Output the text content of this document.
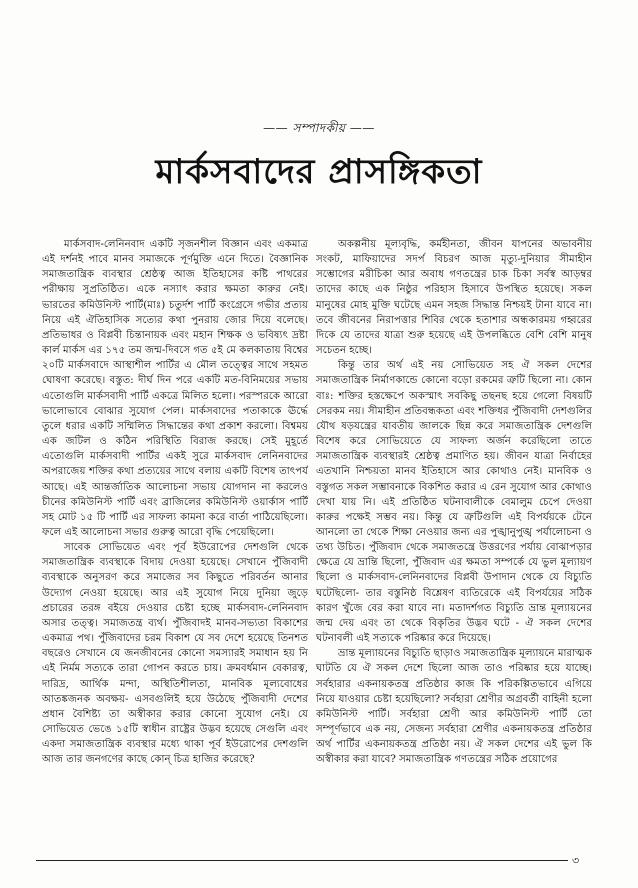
—— সম্পাদকীয় ——
মার্কসবাদের প্রাসঙ্গিকতা

মার্কসবাদ-লেনিনবাদ একটি সৃজনশীল বিজ্ঞান এবং একমাত্র এই দর্শনই পাবে মানব সমাজকে পূর্ণমুক্তি এনে দিতে। বৈজ্ঞানিক সমাজতান্ত্রিক ব্যবস্থার শ্রেষ্ঠত্ব আজ ইতিহাসের কষ্টি পাথরের পরীক্ষায় সুপ্রতিষ্ঠিত। একে নস্যাৎ করার ক্ষমতা কারুর নেই। ভারতের কমিউনিস্ট পার্টি(মাঃ) চতুর্দশ পার্টি কংগ্রেসে গভীর প্রত্যয় নিয়ে এই ঐতিহাসিক সত্যের কথা পুনরায় জোর দিয়ে বলেছে। প্রতিভাধর ও বিপ্লবী চিন্তানায়ক এবং মহান শিক্ষক ও ভবিষ্যৎ দ্রষ্টা কার্ল মার্কস এর ১৭৫ তম জন্ম-দিবসে গত ৫ই মে কলকাতায় বিশ্বের ২০টি মার্কসবাদে আস্থাশীল পার্টির এ মৌল তত্ত্বের সাথে সহমত ঘোষণা করেছে। বস্তুত: দীর্ঘ দিন পরে একটি মত-বিনিময়ের সভায় এতোগুলি মার্কসবাদী পার্টি একত্রে মিলিত হলো। পরস্পরকে আরো ভালোভাবে বোঝার সুযোগ পেল। মার্কসবাদের পতাকাকে ঊর্দ্ধে তুলে ধরার একটি সম্মিলিত সিদ্ধান্তের কথা প্রকাশ করলো। বিশ্বময় এক জটিল ও কঠিন পরিস্থিতি বিরাজ করছে। সেই মুহূর্তে এতোগুলি মার্কসবাদী পার্টির একই সুরে মার্কসবাদ লেনিনবাদের অপরাজেয় শক্তির কথা প্রত্যয়ের সাথে বলায় একটি বিশেষ তাৎপর্য আছে। এই আন্তর্জাতিক আলোচনা সভায় যোগদান না করলেও চীনের কমিউনিস্ট পার্টি এবং ব্রাজিলের কমিউনিস্ট ওয়ার্কাস পার্টি সহ মোট ১৫ টি পার্টি এর সাফল্য কামনা করে বার্তা পাঠিয়েছিলো। ফলে এই আলোচনা সভার গুরুত্ব আরো বৃদ্ধি পেয়েছিলো।

সাবেক সোভিয়েত এবং পূর্ব ইউরোপের দেশগুলি থেকে সমাজতান্ত্রিক ব্যবস্থাকে বিদায় দেওয়া হয়েছে। সেখানে পুঁজিবাদী ব্যবস্থাকে অনুসরণ করে সমাজের সব কিছুতে পরিবর্তন আনার উদ্যোগ নেওয়া হয়েছে। আর এই সুযোগ নিয়ে দুনিয়া জুড়ে প্রচারের তরঙ্গ বইয়ে দেওয়ার চেষ্টা হচ্ছে মার্কসবাদ-লেনিনবাদ অসার তত্ত্ব। সমাজতন্ত্র ব্যর্থ। পুঁজিবাদই মানব-সভ্যতা বিকাশের একমাত্র পথ। পুঁজিবাদের চরম বিকাশ যে সব দেশে হয়েছে তিনশত বছরেও সেখানে যে জনজীবনের কোনো সমস্যারই সমাধান হয় নি এই নির্মম সত্যকে তারা গোপন করতে চায়। ক্রমবর্ধমান বেকারত্ব, দারিদ্র, আর্থিক মন্দা, অস্থিতিশীলতা, মানবিক মূল্যবোধের আতঙ্কজনক অবক্ষয়- এসবগুলিই হয়ে উঠেছে পুঁজিবাদী দেশের প্রধান বৈশিষ্ট্য তা অস্বীকার করার কোনো সুযোগ নেই। যে সোভিয়েত ভেঙে ১৫টি স্বাধীন রাষ্ট্রের উদ্ভব হয়েছে সেগুলি এবং একদা সমাজতান্ত্রিক ব্যবস্থার মধ্যে থাকা পূর্ব ইউরোপের দেশগুলি আজ তার জনগণের কাছে কোন্ চিত্র হাজির করেছে?

অকল্পনীয় মূল্যবৃদ্ধি, কর্মহীনতা, জীবন যাপনের অভাবনীয় সংকট, মাফিয়াদের সদর্প বিচরণ আজ মৃত্যু-দুনিয়ার সীমাহীন সম্ভোগের মরীচিকা আর অবাধ গণতন্ত্রের চাক চিকা সর্বস্ব আড়ম্বর তাদের কাছে এক নিষ্ঠুর পরিহাস হিসাবে উপস্থিত হয়েছে। সকল মানুষের মোহ মুক্তি ঘটেছে এমন সহজ সিদ্ধান্ত নিশ্চয়ই টানা যাবে না। তবে জীবনের নিরাপত্তার শিবির থেকে হতাশার অন্ধকারময় গহ্বরের দিকে যে তাদের যাত্রা শুরু হয়েছে এই উপলব্ধিতে বেশি বেশি মানুষ সচেতন হচ্ছে।

কিন্তু তার অর্থ এই নয় সোভিয়েত সহ ঐ সকল দেশের সমাজতান্ত্রিক নির্মাণকান্ডে কোনো বড়ো রকমের ত্রুটি ছিলো না। কোন বাঃ: শক্তির হস্তক্ষেপে অকস্মাৎ সবকিছু তছনছ হয়ে গেলো বিষয়টি সেরকম নয়। সীমাহীন প্রতিবন্ধকতা এবং শক্তিধর পুঁজিবাদী দেশগুলির যৌথ ষড়যন্ত্রের যাবতীয় জালকে ছিন্ন করে সমাজতান্ত্রিক দেশগুলি বিশেষ করে সোভিয়েতে যে সাফল্য অর্জন করেছিলো তাতে সমাজতান্ত্রিক ব্যবস্থারই শ্রেষ্ঠত্ব প্রমাণিত হয়। জীবন যাত্রা নির্বাহের এতখানি নিশ্চয়তা মানব ইতিহাসে আর কোথাও নেই। মানবিক ও বস্তুগত সকল সম্ভাবনাকে বিকশিত করার এ রেন সুযোগ আর কোথাও দেখা যায় নি। এই প্রতিষ্ঠিত ঘটনাবালীকে বেমালুম চেপে দেওয়া কারুর পক্ষেই সম্ভব নয়। কিন্তু যে ত্রুটিগুলি এই বিপর্যয়কে টেনে আনলো তা থেকে শিক্ষা নেওয়ার জন্য এর পুঙ্খানুপুঙ্খ পর্যালোচনা ও তথ্য উচিত। পুঁজিবাদ থেকে সমাজতন্ত্রে উত্তরণের পর্যায় বোঝাপড়ার ক্ষেত্রে যে ভ্রান্তি ছিলো, পুঁজিবাদ এর ক্ষমতা সম্পর্কে যে ভুল মূল্যায়ণ ছিলো ও মার্কসবাদ-লেনিনবাদের বিপ্লবী উপাদান থেকে যে বিচ্যুতি ঘটেছিলো- তার বস্তুনিষ্ঠ বিশ্লেষণ ব্যতিরেকে এই বিপর্যয়ের সঠিক কারণ খুঁজে বের করা যাবে না। মতাদর্শগত বিচ্যুতি ভ্রান্ত মূল্যায়নের জন্ম দেয় এবং তা থেকে বিকৃতির উদ্ভব ঘটে - ঐ সকল দেশের ঘটনাবলী এই সত্যকে পরিষ্কার করে দিয়েছে।

ভ্রান্ত মূল্যায়নের বিচ্যুতি ছাড়াও সমাজতান্ত্রিক মূল্যায়নে মারাত্মক ঘাটতি যে ঐ সকল দেশে ছিলো আজ তাও পরিষ্কার হয়ে যাচ্ছে। সর্বহারার একনায়কতন্ত্র প্রতিষ্ঠার কাজ কি পরিকল্পিতভাবে এগিয়ে নিয়ে যাওয়ার চেষ্টা হয়েছিলো? সর্বহারা শ্রেণীর অগ্রবর্তী বাহিনী হলো কমিউনিস্ট পার্টি। সর্বহারা শ্রেণী আর কমিউনিস্ট পার্টি তো সম্পূর্ণভাবে এক নয়, সেজন্য সর্বহারা শ্রেণীর একনায়কতন্ত্র প্রতিষ্ঠার অর্থ পার্টির একনায়কতন্ত্র প্রতিষ্ঠা নয়। ঐ সকল দেশের এই ভুল কি অস্বীকার করা যাবে? সমাজতান্ত্রিক গণতন্ত্রের সঠিক প্রয়োগের

৩
